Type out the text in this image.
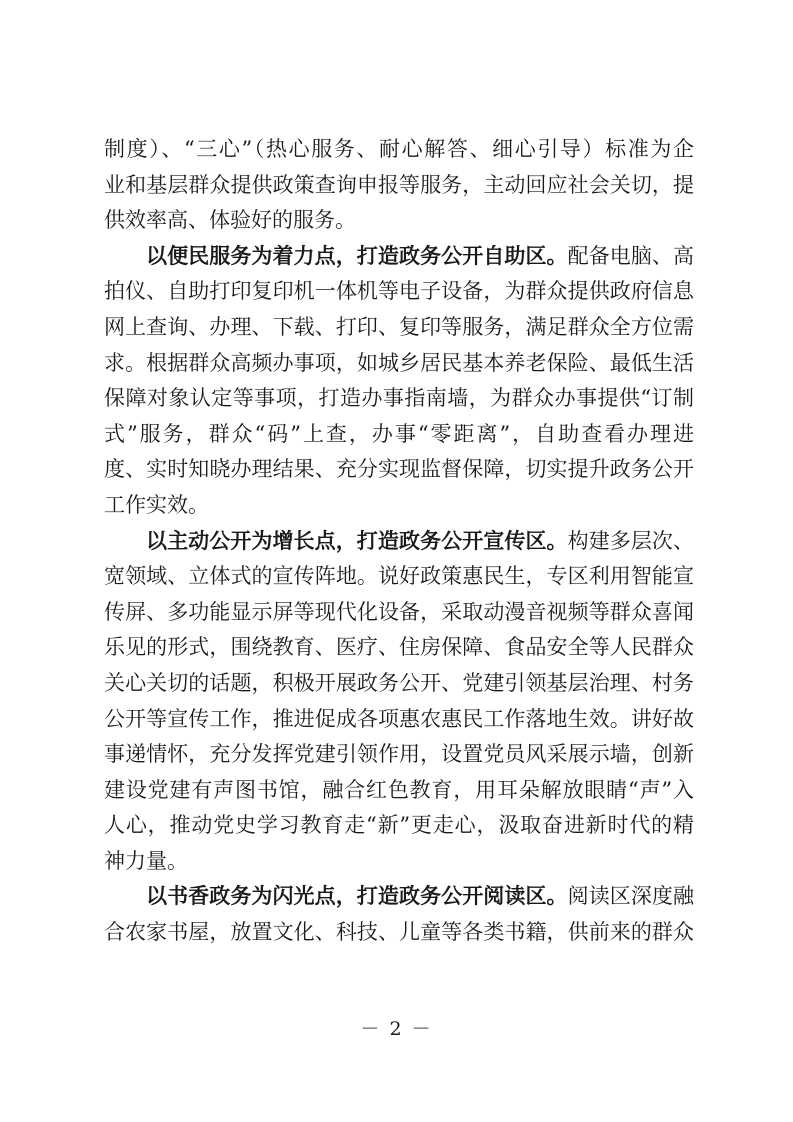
制度）、“三心”（热心服务、耐心解答、细心引导）标准为企
业和基层群众提供政策查询申报等服务，主动回应社会关切，提
供效率高、体验好的服务。
以便民服务为着力点，打造政务公开自助区。配备电脑、高
拍仪、自助打印复印机一体机等电子设备，为群众提供政府信息
网上查询、办理、下载、打印、复印等服务，满足群众全方位需
求。根据群众高频办事项，如城乡居民基本养老保险、最低生活
保障对象认定等事项，打造办事指南墙，为群众办事提供“订制
式”服务，群众“码”上查，办事“零距离”，自助查看办理进
度、实时知晓办理结果、充分实现监督保障，切实提升政务公开
工作实效。
以主动公开为增长点，打造政务公开宣传区。构建多层次、
宽领域、立体式的宣传阵地。说好政策惠民生，专区利用智能宣
传屏、多功能显示屏等现代化设备，采取动漫音视频等群众喜闻
乐见的形式，围绕教育、医疗、住房保障、食品安全等人民群众
关心关切的话题，积极开展政务公开、党建引领基层治理、村务
公开等宣传工作，推进促成各项惠农惠民工作落地生效。讲好故
事递情怀，充分发挥党建引领作用，设置党员风采展示墙，创新
建设党建有声图书馆，融合红色教育，用耳朵解放眼睛“声”入
人心，推动党史学习教育走“新”更走心，汲取奋进新时代的精
神力量。
以书香政务为闪光点，打造政务公开阅读区。阅读区深度融
合农家书屋，放置文化、科技、儿童等各类书籍，供前来的群众
－ 2 －
